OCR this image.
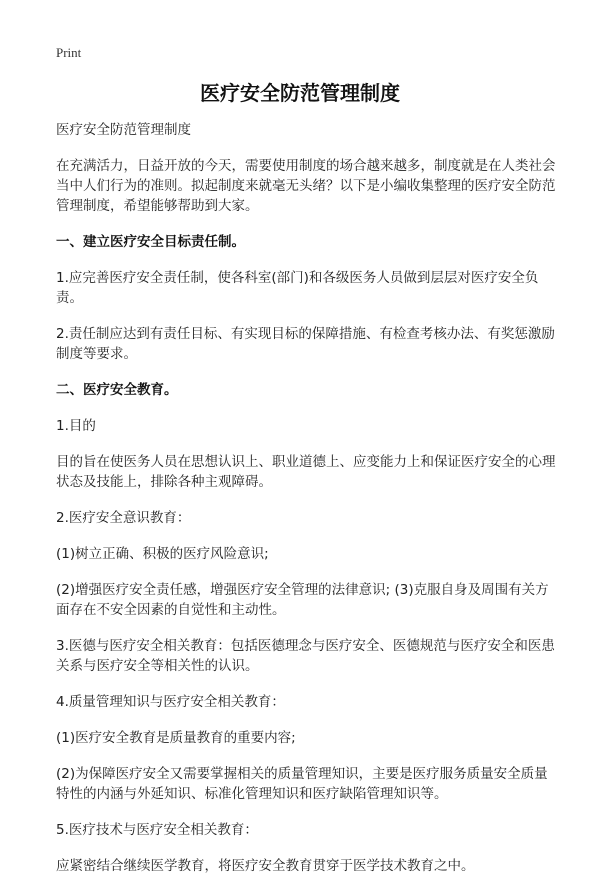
Print
医疗安全防范管理制度

医疗安全防范管理制度

在充满活力，日益开放的今天，需要使用制度的场合越来越多，制度就是在人类社会当中人们行为的准则。拟起制度来就毫无头绪？以下是小编收集整理的医疗安全防范管理制度，希望能够帮助到大家。

一、建立医疗安全目标责任制。

1.应完善医疗安全责任制，使各科室(部门)和各级医务人员做到层层对医疗安全负责。

2.责任制应达到有责任目标、有实现目标的保障措施、有检查考核办法、有奖惩激励制度等要求。

二、医疗安全教育。

1.目的

目的旨在使医务人员在思想认识上、职业道德上、应变能力上和保证医疗安全的心理状态及技能上，排除各种主观障碍。

2.医疗安全意识教育：

(1)树立正确、积极的医疗风险意识;

(2)增强医疗安全责任感，增强医疗安全管理的法律意识; (3)克服自身及周围有关方面存在不安全因素的自觉性和主动性。

3.医德与医疗安全相关教育：包括医德理念与医疗安全、医德规范与医疗安全和医患关系与医疗安全等相关性的认识。

4.质量管理知识与医疗安全相关教育：

(1)医疗安全教育是质量教育的重要内容;

(2)为保障医疗安全又需要掌握相关的质量管理知识，主要是医疗服务质量安全质量特性的内涵与外延知识、标准化管理知识和医疗缺陷管理知识等。

5.医疗技术与医疗安全相关教育：

应紧密结合继续医学教育，将医疗安全教育贯穿于医学技术教育之中。
